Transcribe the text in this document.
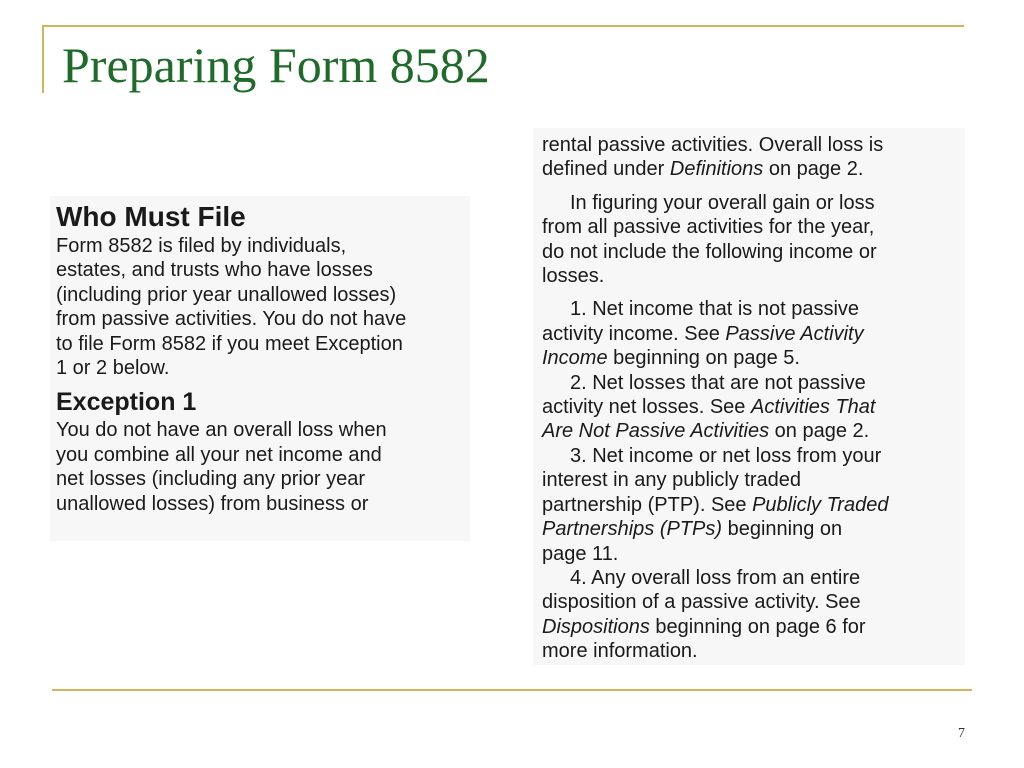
Preparing Form 8582
Who Must File
Form 8582 is filed by individuals,
estates, and trusts who have losses
(including prior year unallowed losses)
from passive activities. You do not have
to file Form 8582 if you meet Exception
1 or 2 below.
Exception 1
You do not have an overall loss when
you combine all your net income and
net losses (including any prior year
unallowed losses) from business or
rental passive activities. Overall loss is
defined under Definitions on page 2.
In figuring your overall gain or loss
from all passive activities for the year,
do not include the following income or
losses.
1. Net income that is not passive
activity income. See Passive Activity
Income beginning on page 5.
2. Net losses that are not passive
activity net losses. See Activities That
Are Not Passive Activities on page 2.
3. Net income or net loss from your
interest in any publicly traded
partnership (PTP). See Publicly Traded
Partnerships (PTPs) beginning on
page 11.
4. Any overall loss from an entire
disposition of a passive activity. See
Dispositions beginning on page 6 for
more information.
7
